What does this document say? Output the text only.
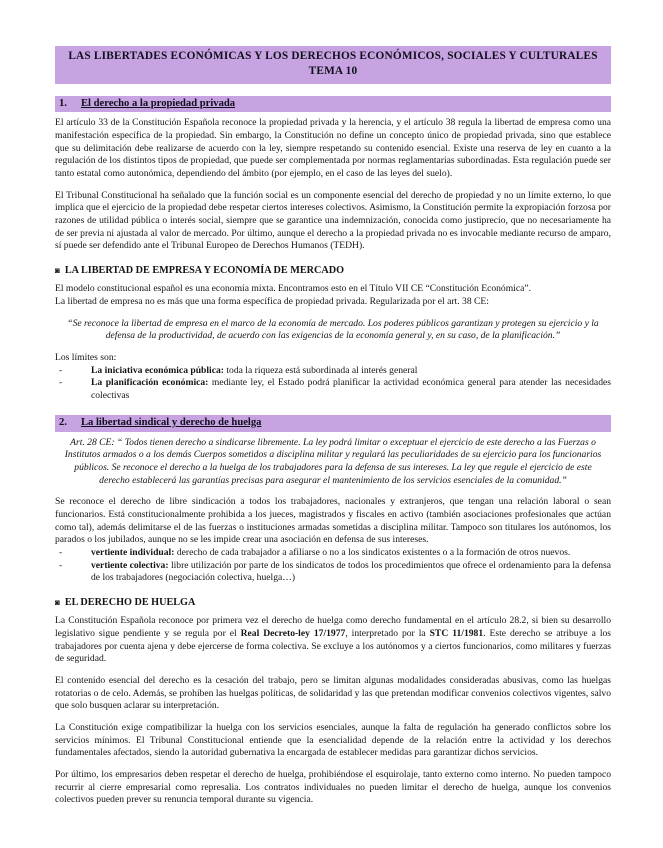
LAS LIBERTADES ECONÓMICAS Y LOS DERECHOS ECONÓMICOS, SOCIALES Y CULTURALES
TEMA 10
1. El derecho a la propiedad privada

El artículo 33 de la Constitución Española reconoce la propiedad privada y la herencia, y el artículo 38 regula la libertad de empresa como una manifestación específica de la propiedad. Sin embargo, la Constitución no define un concepto único de propiedad privada, sino que establece que su delimitación debe realizarse de acuerdo con la ley, siempre respetando su contenido esencial. Existe una reserva de ley en cuanto a la regulación de los distintos tipos de propiedad, que puede ser complementada por normas reglamentarias subordinadas. Esta regulación puede ser tanto estatal como autonómica, dependiendo del ámbito (por ejemplo, en el caso de las leyes del suelo).

El Tribunal Constitucional ha señalado que la función social es un componente esencial del derecho de propiedad y no un límite externo, lo que implica que el ejercicio de la propiedad debe respetar ciertos intereses colectivos. Asimismo, la Constitución permite la expropiación forzosa por razones de utilidad pública o interés social, siempre que se garantice una indemnización, conocida como justiprecio, que no necesariamente ha de ser previa ni ajustada al valor de mercado. Por último, aunque el derecho a la propiedad privada no es invocable mediante recurso de amparo, sí puede ser defendido ante el Tribunal Europeo de Derechos Humanos (TEDH).

◙ LA LIBERTAD DE EMPRESA Y ECONOMÍA DE MERCADO

El modelo constitucional español es una economía mixta. Encontramos esto en el Título VII CE “Constitución Económica”.

La libertad de empresa no es más que una forma específica de propiedad privada. Regularizada por el art. 38 CE:

“Se reconoce la libertad de empresa en el marco de la economía de mercado. Los poderes públicos garantizan y protegen su ejercicio y la defensa de la productividad, de acuerdo con las exigencias de la economía general y, en su caso, de la planificación.”

Los límites son:

-	La iniciativa económica pública: toda la riqueza está subordinada al interés general
-	La planificación económica: mediante ley, el Estado podrá planificar la actividad económica general para atender las necesidades colectivas
2. La libertad sindical y derecho de huelga

Art. 28 CE: “ Todos tienen derecho a sindicarse libremente. La ley podrá limitar o exceptuar el ejercicio de este derecho a las Fuerzas o Institutos armados o a los demás Cuerpos sometidos a disciplina militar y regulará las peculiaridades de su ejercicio para los funcionarios públicos. Se reconoce el derecho a la huelga de los trabajadores para la defensa de sus intereses. La ley que regule el ejercicio de este derecho establecerá las garantías precisas para asegurar el mantenimiento de los servicios esenciales de la comunidad.”

Se reconoce el derecho de libre sindicación a todos los trabajadores, nacionales y extranjeros, que tengan una relación laboral o sean funcionarios. Está constitucionalmente prohibida a los jueces, magistrados y fiscales en activo (también asociaciones profesionales que actúan como tal), además delimitarse el de las fuerzas o instituciones armadas sometidas a disciplina militar. Tampoco son titulares los autónomos, los parados o los jubilados, aunque no se les impide crear una asociación en defensa de sus intereses.

-	vertiente individual: derecho de cada trabajador a afiliarse o no a los sindicatos existentes o a la formación de otros nuevos.
-	vertiente colectiva: libre utilización por parte de los sindicatos de todos los procedimientos que ofrece el ordenamiento para la defensa de los trabajadores (negociación colectiva, huelga…)
◙ EL DERECHO DE HUELGA

La Constitución Española reconoce por primera vez el derecho de huelga como derecho fundamental en el artículo 28.2, si bien su desarrollo legislativo sigue pendiente y se regula por el Real Decreto-ley 17/1977, interpretado por la STC 11/1981. Este derecho se atribuye a los trabajadores por cuenta ajena y debe ejercerse de forma colectiva. Se excluye a los autónomos y a ciertos funcionarios, como militares y fuerzas de seguridad.

El contenido esencial del derecho es la cesación del trabajo, pero se limitan algunas modalidades consideradas abusivas, como las huelgas rotatorias o de celo. Además, se prohíben las huelgas políticas, de solidaridad y las que pretendan modificar convenios colectivos vigentes, salvo que solo busquen aclarar su interpretación.

La Constitución exige compatibilizar la huelga con los servicios esenciales, aunque la falta de regulación ha generado conflictos sobre los servicios mínimos. El Tribunal Constitucional entiende que la esencialidad depende de la relación entre la actividad y los derechos fundamentales afectados, siendo la autoridad gubernativa la encargada de establecer medidas para garantizar dichos servicios.

Por último, los empresarios deben respetar el derecho de huelga, prohibiéndose el esquirolaje, tanto externo como interno. No pueden tampoco recurrir al cierre empresarial como represalia. Los contratos individuales no pueden limitar el derecho de huelga, aunque los convenios colectivos pueden prever su renuncia temporal durante su vigencia.
